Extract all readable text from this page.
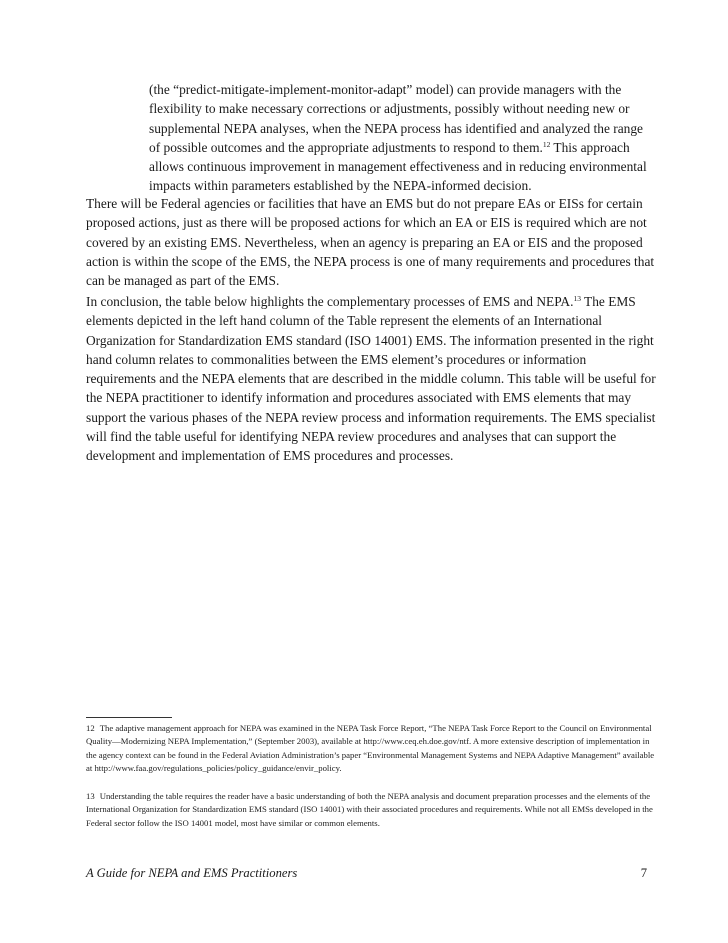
(the “predict-mitigate-implement-monitor-adapt” model) can provide managers with the flexibility to make necessary corrections or adjustments, possibly without needing new or supplemental NEPA analyses, when the NEPA process has identified and analyzed the range of possible outcomes and the appropriate adjustments to respond to them.$^{12}$ This approach allows continuous improvement in management effectiveness and in reducing environmental impacts within parameters established by the NEPA-informed decision.

There will be Federal agencies or facilities that have an EMS but do not prepare EAs or EISs for certain proposed actions, just as there will be proposed actions for which an EA or EIS is required which are not covered by an existing EMS. Nevertheless, when an agency is preparing an EA or EIS and the proposed action is within the scope of the EMS, the NEPA process is one of many requirements and procedures that can be managed as part of the EMS.

In conclusion, the table below highlights the complementary processes of EMS and NEPA.$^{13}$ The EMS elements depicted in the left hand column of the Table represent the elements of an International Organization for Standardization EMS standard (ISO 14001) EMS. The information presented in the right hand column relates to commonalities between the EMS element’s procedures or information requirements and the NEPA elements that are described in the middle column. This table will be useful for the NEPA practitioner to identify information and procedures associated with EMS elements that may support the various phases of the NEPA review process and information requirements. The EMS specialist will find the table useful for identifying NEPA review procedures and analyses that can support the development and implementation of EMS procedures and processes.

12 The adaptive management approach for NEPA was examined in the NEPA Task Force Report, “The NEPA Task Force Report to the Council on Environmental Quality—Modernizing NEPA Implementation,” (September 2003), available at http://www.ceq.eh.doe.gov/ntf. A more extensive description of implementation in the agency context can be found in the Federal Aviation Administration’s paper “Environmental Management Systems and NEPA Adaptive Management” available at http://www.faa.gov/regulations_policies/policy_guidance/envir_policy.

13 Understanding the table requires the reader have a basic understanding of both the NEPA analysis and document preparation processes and the elements of the International Organization for Standardization EMS standard (ISO 14001) with their associated procedures and requirements. While not all EMSs developed in the Federal sector follow the ISO 14001 model, most have similar or common elements.

A Guide for NEPA and EMS Practitioners	7
